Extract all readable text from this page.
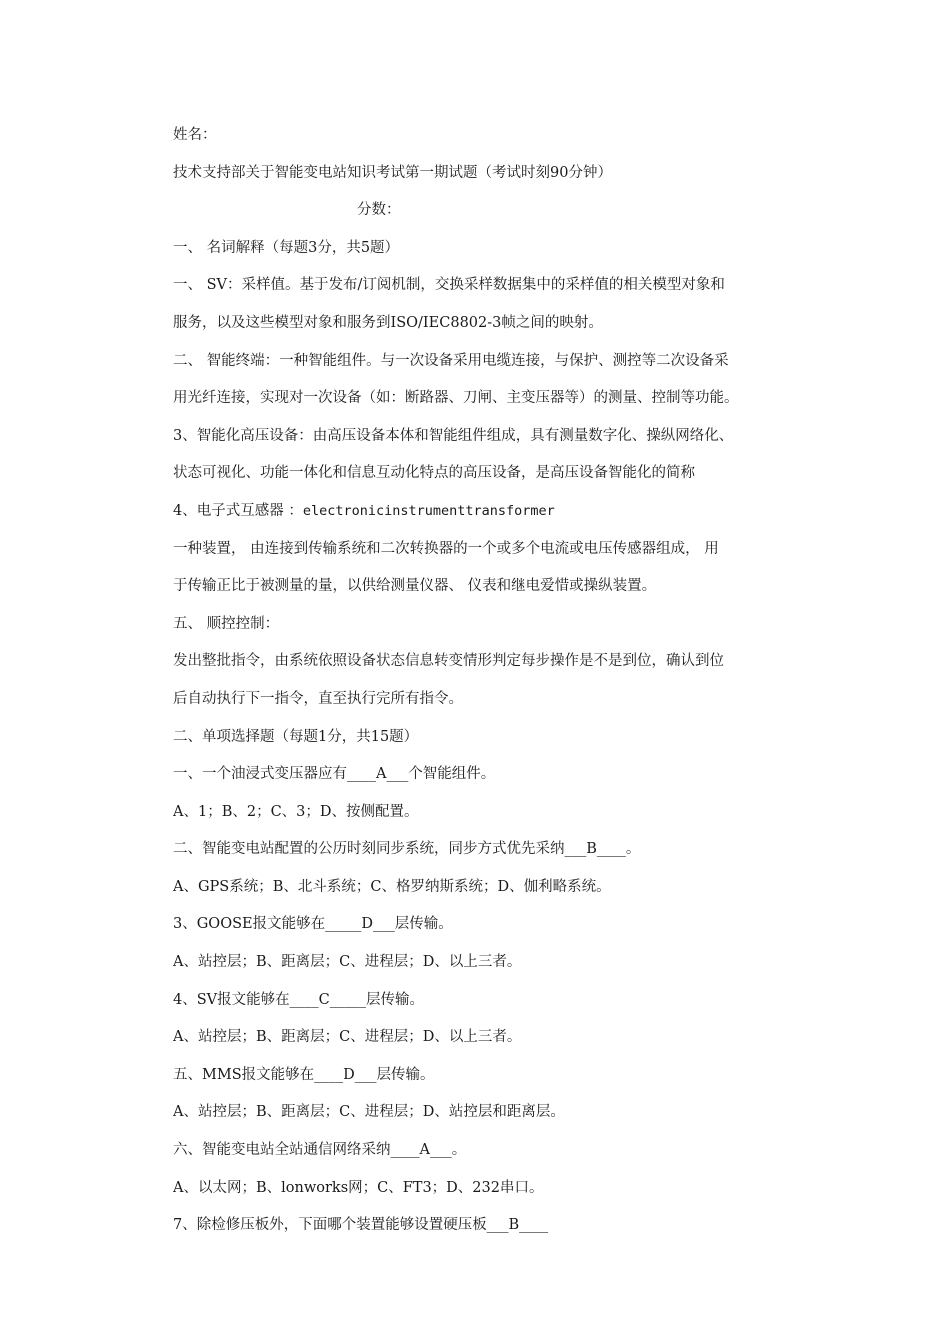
姓名：
技术支持部关于智能变电站知识考试第一期试题（考试时刻90分钟）
分数：
一、 名词解释（每题3分，共5题）
一、 SV：采样值。基于发布/订阅机制，交换采样数据集中的采样值的相关模型对象和
服务，以及这些模型对象和服务到ISO/IEC8802-3帧之间的映射。
二、 智能终端：一种智能组件。与一次设备采用电缆连接，与保护、测控等二次设备采
用光纤连接，实现对一次设备（如：断路器、刀闸、主变压器等）的测量、控制等功能。
3、智能化高压设备：由高压设备本体和智能组件组成，具有测量数字化、操纵网络化、
状态可视化、功能一体化和信息互动化特点的高压设备，是高压设备智能化的简称
4、电子式互感器 ：electronicinstrumenttransformer
一种装置， 由连接到传输系统和二次转换器的一个或多个电流或电压传感器组成， 用
于传输正比于被测量的量，以供给测量仪器、 仪表和继电爱惜或操纵装置。
五、 顺控控制：
发出整批指令，由系统依照设备状态信息转变情形判定每步操作是不是到位，确认到位
后自动执行下一指令，直至执行完所有指令。
二、单项选择题（每题1分，共15题）
一、一个油浸式变压器应有____A___个智能组件。
A、1；B、2；C、3；D、按侧配置。
二、智能变电站配置的公历时刻同步系统，同步方式优先采纳___B____。
A、GPS系统；B、北斗系统；C、格罗纳斯系统；D、伽利略系统。
3、GOOSE报文能够在_____D___层传输。
A、站控层；B、距离层；C、进程层；D、以上三者。
4、SV报文能够在____C_____层传输。
A、站控层；B、距离层；C、进程层；D、以上三者。
五、MMS报文能够在____D___层传输。
A、站控层；B、距离层；C、进程层；D、站控层和距离层。
六、智能变电站全站通信网络采纳____A___。
A、以太网；B、lonworks网；C、FT3；D、232串口。
7、除检修压板外，下面哪个装置能够设置硬压板___B____
